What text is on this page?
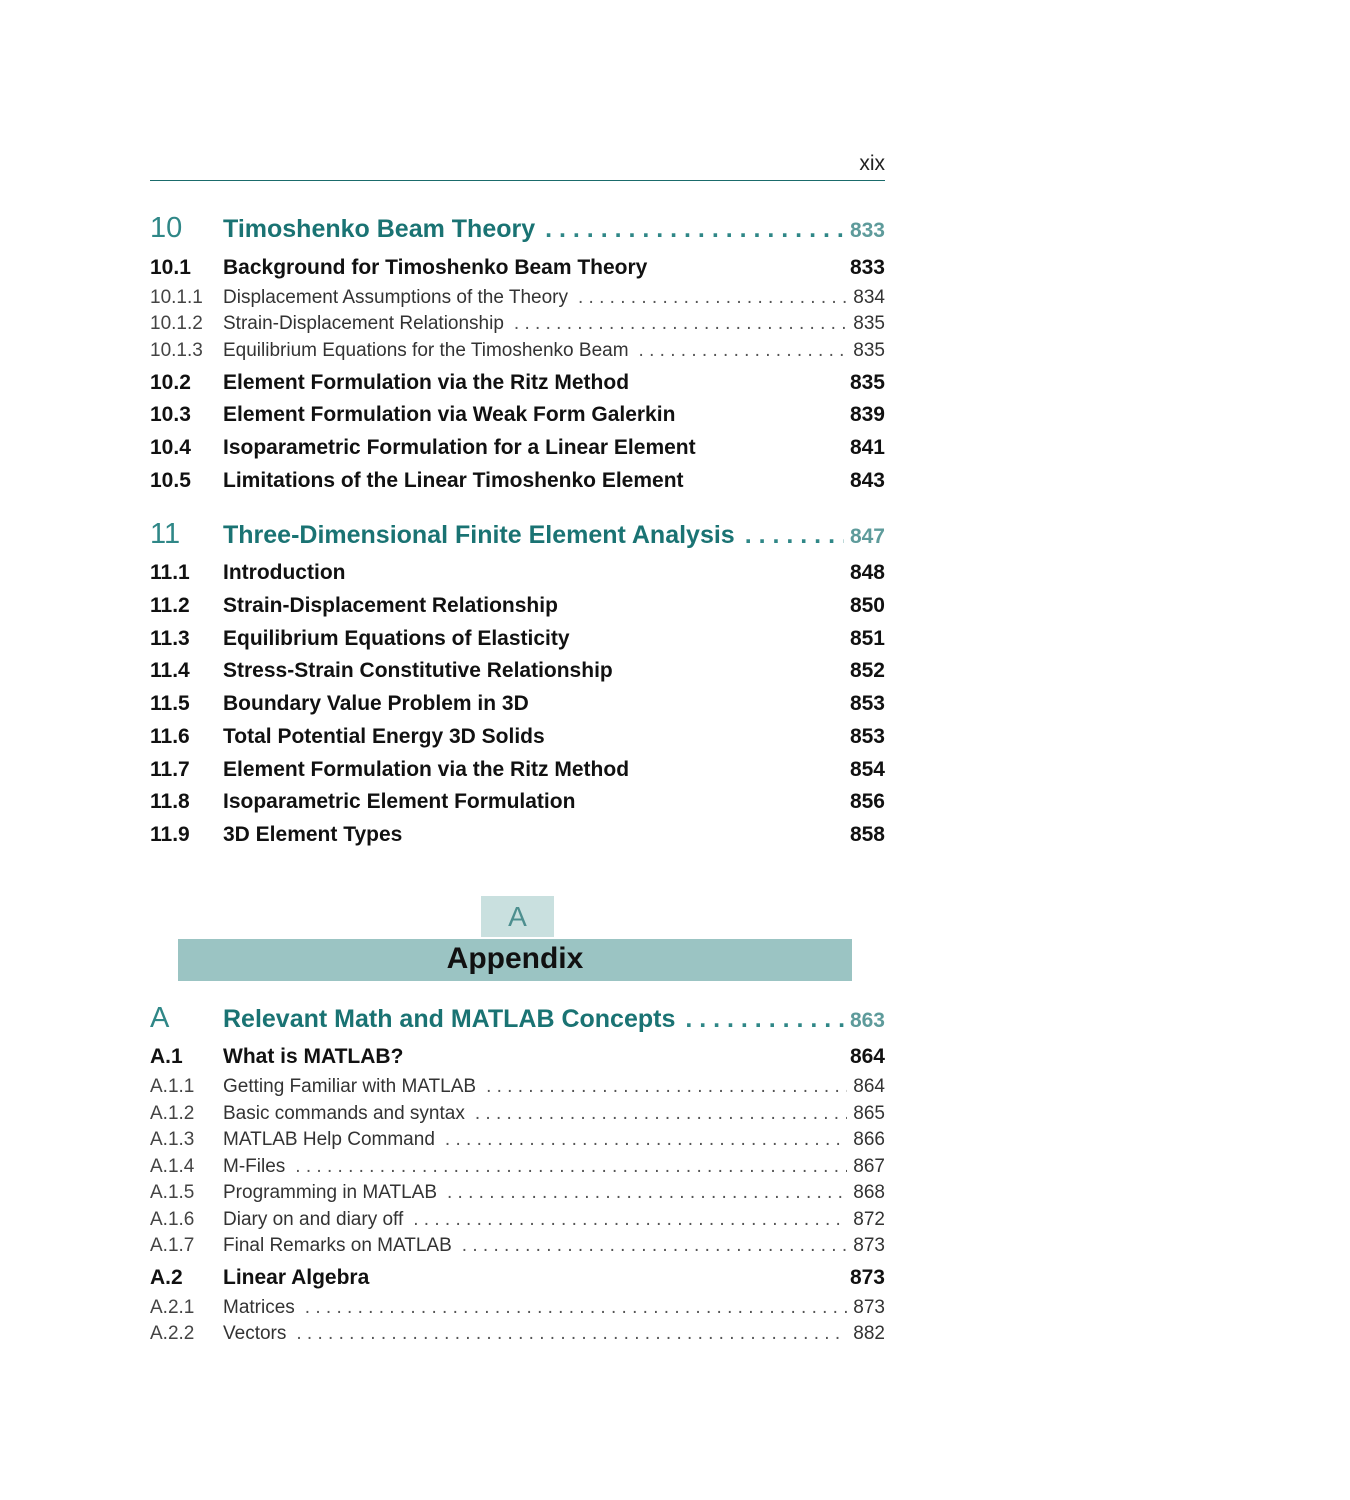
xix
10	Timoshenko Beam Theory . . .	833
10.1	Background for Timoshenko Beam Theory	833
10.1.1	Displacement Assumptions of the Theory . . .	834
10.1.2	Strain-Displacement Relationship . . .	835
10.1.3	Equilibrium Equations for the Timoshenko Beam . . .	835
10.2	Element Formulation via the Ritz Method	835
10.3	Element Formulation via Weak Form Galerkin	839
10.4	Isoparametric Formulation for a Linear Element	841
10.5	Limitations of the Linear Timoshenko Element	843
11	Three-Dimensional Finite Element Analysis . . .	847
11.1	Introduction	848
11.2	Strain-Displacement Relationship	850
11.3	Equilibrium Equations of Elasticity	851
11.4	Stress-Strain Constitutive Relationship	852
11.5	Boundary Value Problem in 3D	853
11.6	Total Potential Energy 3D Solids	853
11.7	Element Formulation via the Ritz Method	854
11.8	Isoparametric Element Formulation	856
11.9	3D Element Types	858
A	Relevant Math and MATLAB Concepts . . .	863
A.1	What is MATLAB?	864
A.1.1	Getting Familiar with MATLAB . . .	864
A.1.2	Basic commands and syntax . . .	865
A.1.3	MATLAB Help Command . . .	866
A.1.4	M-Files . . .	867
A.1.5	Programming in MATLAB . . .	868
A.1.6	Diary on and diary off . . .	872
A.1.7	Final Remarks on MATLAB . . .	873
A.2	Linear Algebra	873
A.2.1	Matrices . . .	873
A.2.2	Vectors . . .	882
A
Appendix
